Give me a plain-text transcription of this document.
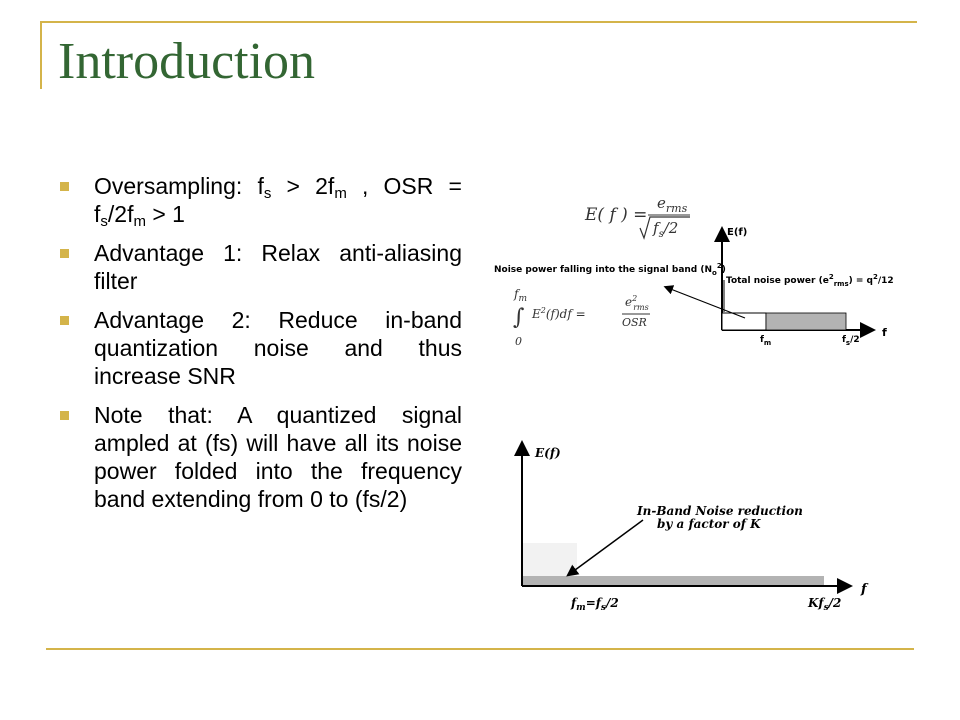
Introduction
Oversampling: $f_s > 2f_m$ , OSR = $f_s/2f_m > 1$
Advantage 1: Relax anti-aliasing filter
Advantage 2: Reduce in-band quantization noise and thus increase SNR
Note that: A quantized signal ampled at (fs) will have all its noise power folded into the frequency band extending from 0 to (fs/2)
E( f ) =
$e_{rms}$
$f_s/2$	E(f)
f
Total noise power $(e^2_{rms}) = q^2/12$
Noise power falling into the signal band $(N_o^2)$
$f_m$
∫
0
$E^2(f)df$ =
$e^2$ rms
OSR
$f_m$	$f_s/2$
E(f)
f
In-Band Noise reduction
by a factor of K
$f_m=f_s/2$	$Kf_s/2$
